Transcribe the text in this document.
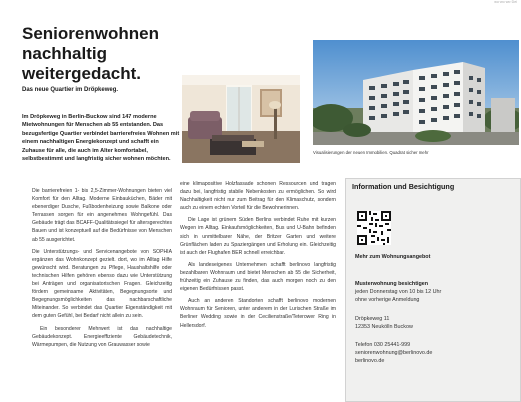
Seniorenwohnen
nachhaltig
weitergedacht.
Das neue Quartier im Dröpkeweg.
Im Dröpkeweg in Berlin-Buckow sind 147 moderne Mietwohnungen für Menschen ab 55 entstanden. Das bezugsfertige Quartier verbindet barrierefreies Wohnen mit einem nachhaltigen Energiekonzept und schafft ein Zuhause für alle, die auch im Alter komfortabel, selbstbestimmt und langfristig sicher wohnen möchten.
Visualisierungen der neuen Immobilien. Quadrat sicher mehr
wo·wo·wo·Dei

Die barrierefreien 1- bis 2,5-Zimmer-Wohnungen bieten viel Komfort für den Alltag. Moderne Einbauküchen, Bäder mit ebenerdiger Dusche, Fußbodenheizung sowie Balkone oder Terrassen sorgen für ein angenehmes Wohngefühl. Das Gebäude trägt das BCAFF-Qualitätssiegel für altersgerechtes Bauen und ist konzeptuell auf die Bedürfnisse von Menschen ab 55 ausgerichtet.

Die Unterstützungs- und Servicenangebote von SOPHIA ergänzen das Wohnkonzept gezielt. dort, wo im Alltag Hilfe gewünscht wird. Beratungen zu Pflege, Haushaltshilfe oder technischen Hilfen gehören ebenso dazu wie Unterstützung bei Anträgen und organisatorischen Fragen. Gleichzeitig fördern gemeinsame Aktivitäten, Begegnungsorte und Begegnungsmöglichkeiten das nachbarschaftliche Miteinander. So verbindet das Quartier Eigenständigkeit mit dem guten Gefühl, bei Bedarf nicht allein zu sein.

Ein besonderer Mehrwert ist das nachhaltige Gebäudekonzept. Energieeffiziente Gebäudetechnik, Wärmepumpen, die Nutzung von Grauwasser sowie

eine klimapositive Holzfassade schonen Ressourcen und tragen dazu bei, langfristig stabile Nebenkosten zu ermöglichen. So wird Nachhaltigkeit nicht nur zum Beitrag für den Klimaschutz, sondern auch zu einem echten Vorteil für die Bewohnerinnen.

Die Lage ist grünem Süden Berlins verbindet Ruhe mit kurzen Wegen im Alltag. Einkaufsmöglichkeiten, Bus und U-Bahn befinden sich in unmittelbarer Nähe, der Britzer Garten und weitere Grünflächen laden zu Spaziergängen und Erholung ein. Gleichzeitig ist auch der Flughafen BER schnell erreichbar.

Als landeseigenes Unternehmen schafft berlinovo langfristig bezahlbaren Wohnraum und bietet Menschen ab 55 die Sicherheit, frühzeitig ein Zuhause zu finden, das auch morgen noch zu den eigenen Bedürfnissen passt.

Auch an anderen Standorten schafft berlinovo modernen Wohnraum für Senioren, unter anderem in der Lurischen Straße im Berliner Wedding sowie in der Cecilienstraße/Teterower Ring in Hellersdorf.

Information und Besichtigung
Mehr zum Wohnungsangebot
Musterwohnung besichtigen
jeden Donnerstag von 10 bis 12 Uhr
ohne vorherige Anmeldung
Dröpkeweg 11
12353 Neukölln Buckow
Telefon 030 25441-999
seniorenwohnung@berlinovo.de
berlinovo.de
